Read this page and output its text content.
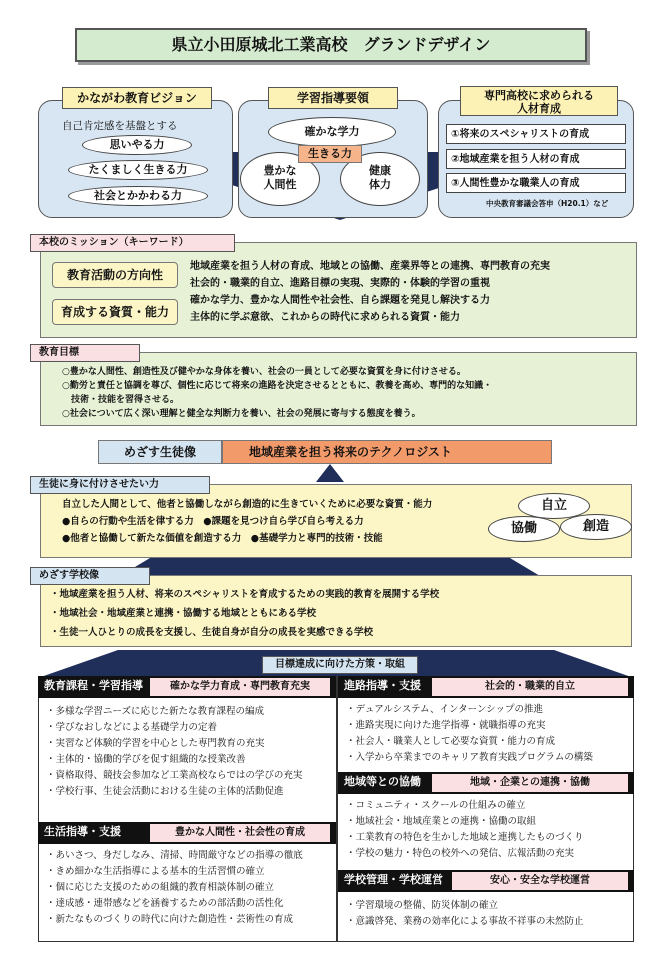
県立小田原城北工業高校　グランドデザイン
かながわ教育ビジョン
自己肯定感を基盤とする
思いやる力
たくましく生きる力
社会とかかわる力
学習指導要領
確かな学力
豊かな
人間性
健康
体力
生きる力
専門高校に求められる
人材育成
①将来のスペシャリストの育成
②地域産業を担う人材の育成
③人間性豊かな職業人の育成
中央教育審議会答申（H20.1）など
本校のミッション（キーワード）
教育活動の方向性
育成する資質・能力
地域産業を担う人材の育成、地域との協働、産業界等との連携、専門教育の充実
社会的・職業的自立、進路目標の実現、実際的・体験的学習の重視
確かな学力、豊かな人間性や社会性、自ら課題を発見し解決する力
主体的に学ぶ意欲、これからの時代に求められる資質・能力
教育目標
○豊かな人間性、創造性及び健やかな身体を養い、社会の一員として必要な資質を身に付けさせる。
○勤労と責任と協調を尊び、個性に応じて将来の進路を決定させるとともに、教養を高め、専門的な知識・
　技術・技能を習得させる。
○社会について広く深い理解と健全な判断力を養い、社会の発展に寄与する態度を養う。
めざす生徒像	地域産業を担う将来のテクノロジスト
生徒に身に付けさせたい力
自立した人間として、他者と協働しながら創造的に生きていくために必要な資質・能力
●自らの行動や生活を律する力　●課題を見つけ自ら学び自ら考える力
●他者と協働して新たな価値を創造する力　●基礎学力と専門的技術・技能
自立
協働	創造
めざす学校像
・地域産業を担う人材、将来のスペシャリストを育成するための実践的教育を展開する学校
・地域社会・地域産業と連携・協働する地域とともにある学校
・生徒一人ひとりの成長を支援し、生徒自身が自分の成長を実感できる学校
目標達成に向けた方策・取組
教育課程・学習指導	確かな学力育成・専門教育充実
・ 多様な学習ニーズに応じた新たな教育課程の編成
・ 学びなおしなどによる基礎学力の定着
・ 実習など体験的学習を中心とした専門教育の充実
・ 主体的・協働的学びを促す組織的な授業改善
・ 資格取得、競技会参加など工業高校ならではの学びの充実
・ 学校行事、生徒会活動における生徒の主体的活動促進
生活指導・支援	豊かな人間性・社会性の育成
・ あいさつ、身だしなみ、清掃、時間厳守などの指導の徹底
・ きめ細かな生活指導による基本的生活習慣の確立
・ 個に応じた支援のための組織的教育相談体制の確立
・ 達成感・連帯感などを涵養するための部活動の活性化
・ 新たなものづくりの時代に向けた創造性・芸術性の育成
進路指導・支援	社会的・職業的自立
・ デュアルシステム、インターンシップの推進
・ 進路実現に向けた進学指導・就職指導の充実
・ 社会人・職業人として必要な資質・能力の育成
・ 入学から卒業までのキャリア教育実践プログラムの構築
地域等との協働	地域・企業との連携・協働
・ コミュニティ・スクールの仕組みの確立
・ 地域社会・地域産業との連携・協働の取組
・ 工業教育の特色を生かした地域と連携したものづくり
・ 学校の魅力・特色の校外への発信、広報活動の充実
学校管理・学校運営	安心・安全な学校運営
・ 学習環境の整備、防災体制の確立
・ 意識啓発、業務の効率化による事故不祥事の未然防止
